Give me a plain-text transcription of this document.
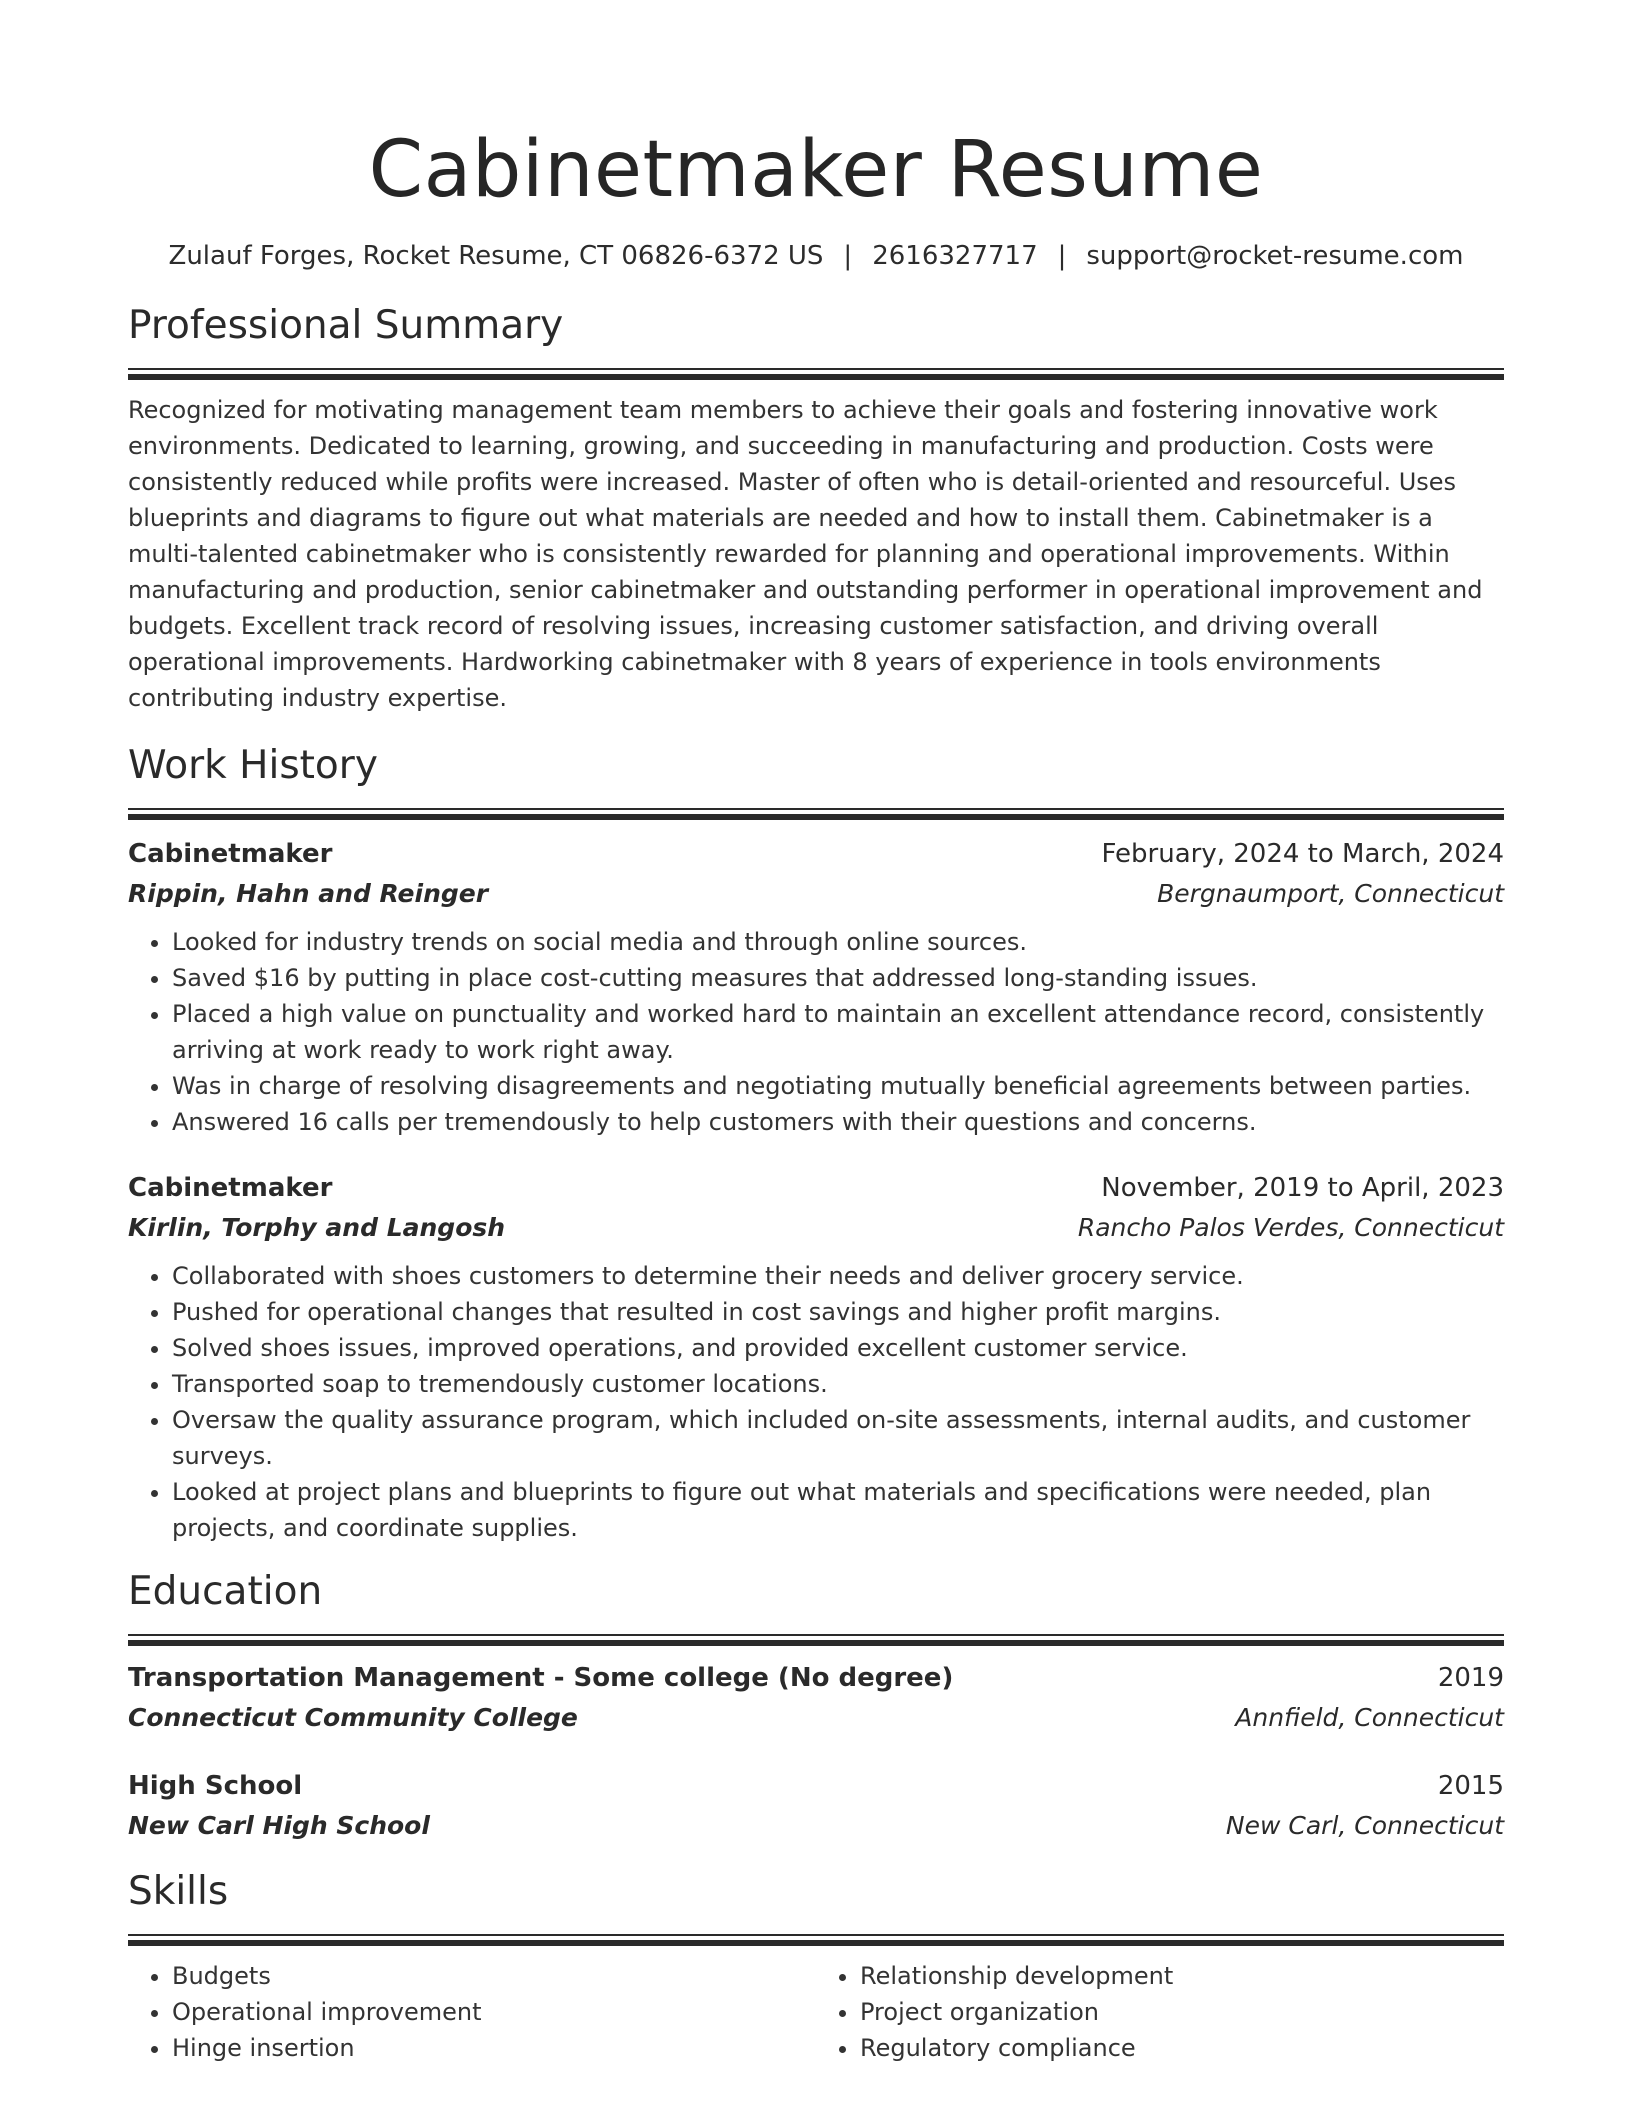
Cabinetmaker Resume
Zulauf Forges, Rocket Resume, CT 06826-6372 US | 2616327717 | support@rocket-resume.com
Professional Summary

Recognized for motivating management team members to achieve their goals and fostering innovative work environments. Dedicated to learning, growing, and succeeding in manufacturing and production. Costs were consistently reduced while profits were increased. Master of often who is detail-oriented and resourceful. Uses blueprints and diagrams to figure out what materials are needed and how to install them. Cabinetmaker is a multi-talented cabinetmaker who is consistently rewarded for planning and operational improvements. Within manufacturing and production, senior cabinetmaker and outstanding performer in operational improvement and budgets. Excellent track record of resolving issues, increasing customer satisfaction, and driving overall operational improvements. Hardworking cabinetmaker with 8 years of experience in tools environments contributing industry expertise.

Work History
Cabinetmaker	February, 2024 to March, 2024
Rippin, Hahn and Reinger	Bergnaumport, Connecticut
• Looked for industry trends on social media and through online sources.
• Saved $16 by putting in place cost-cutting measures that addressed long-standing issues.
• Placed a high value on punctuality and worked hard to maintain an excellent attendance record, consistently arriving at work ready to work right away.
• Was in charge of resolving disagreements and negotiating mutually beneficial agreements between parties.
• Answered 16 calls per tremendously to help customers with their questions and concerns.
Cabinetmaker	November, 2019 to April, 2023
Kirlin, Torphy and Langosh	Rancho Palos Verdes, Connecticut
• Collaborated with shoes customers to determine their needs and deliver grocery service.
• Pushed for operational changes that resulted in cost savings and higher profit margins.
• Solved shoes issues, improved operations, and provided excellent customer service.
• Transported soap to tremendously customer locations.
• Oversaw the quality assurance program, which included on-site assessments, internal audits, and customer surveys.
• Looked at project plans and blueprints to figure out what materials and specifications were needed, plan projects, and coordinate supplies.
Education
Transportation Management - Some college (No degree)	2019
Connecticut Community College	Annfield, Connecticut
High School	2015
New Carl High School	New Carl, Connecticut
Skills
• Budgets
• Operational improvement
• Hinge insertion
• Relationship development
• Project organization
• Regulatory compliance
